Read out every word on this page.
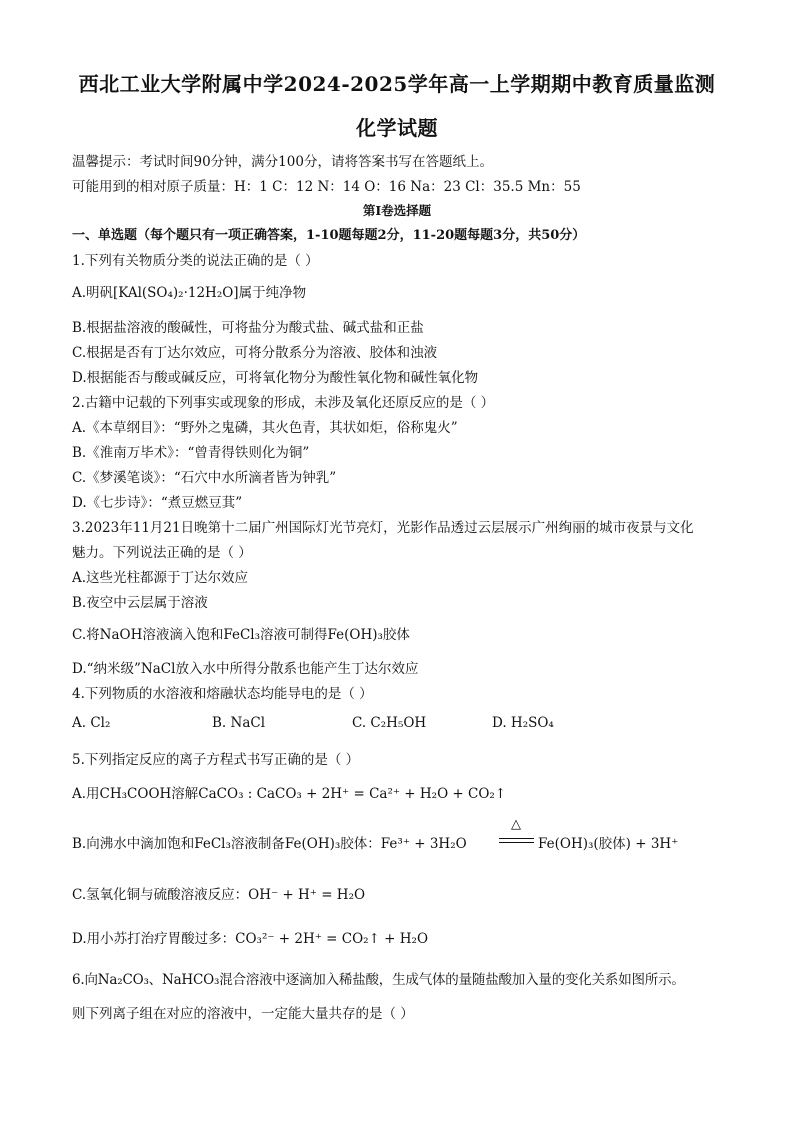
西北工业大学附属中学2024-2025学年高一上学期期中教育质量监测
化学试题
温馨提示：考试时间90分钟，满分100分，请将答案书写在答题纸上。
可能用到的相对原子质量：H：1 C：12 N：14 O：16 Na：23 Cl：35.5 Mn：55
第I卷选择题
一、单选题（每个题只有一项正确答案，1-10题每题2分，11-20题每题3分，共50分）
1.下列有关物质分类的说法正确的是（ ）
A.明矾[KAl(SO₄)₂·12H₂O]属于纯净物
B.根据盐溶液的酸碱性，可将盐分为酸式盐、碱式盐和正盐
C.根据是否有丁达尔效应，可将分散系分为溶液、胶体和浊液
D.根据能否与酸或碱反应，可将氧化物分为酸性氧化物和碱性氧化物
2.古籍中记载的下列事实或现象的形成，未涉及氧化还原反应的是（ ）
A.《本草纲目》：“野外之鬼磷，其火色青，其状如炬，俗称鬼火”
B.《淮南万毕术》：“曾青得铁则化为铜”
C.《梦溪笔谈》：“石穴中水所滴者皆为钟乳”
D.《七步诗》：“煮豆燃豆萁”
3.2023年11月21日晚第十二届广州国际灯光节亮灯，光影作品透过云层展示广州绚丽的城市夜景与文化
魅力。下列说法正确的是（ ）
A.这些光柱都源于丁达尔效应
B.夜空中云层属于溶液
C.将NaOH溶液滴入饱和FeCl₃溶液可制得Fe(OH)₃胶体
D.“纳米级”NaCl放入水中所得分散系也能产生丁达尔效应
4.下列物质的水溶液和熔融状态均能导电的是（ ）
A. Cl₂	B. NaCl	C. C₂H₅OH	D. H₂SO₄
5.下列指定反应的离子方程式书写正确的是（ ）
A.用CH₃COOH溶解CaCO₃ : CaCO₃ + 2H⁺ = Ca²⁺ + H₂O + CO₂↑
B.向沸水中滴加饱和FeCl₃溶液制备Fe(OH)₃胶体：Fe³⁺ + 3H₂O
△
Fe(OH)₃(胶体) + 3H⁺
C.氢氧化铜与硫酸溶液反应：OH⁻ + H⁺ = H₂O
D.用小苏打治疗胃酸过多：CO₃²⁻ + 2H⁺ = CO₂↑ + H₂O
6.向Na₂CO₃、NaHCO₃混合溶液中逐滴加入稀盐酸，生成气体的量随盐酸加入量的变化关系如图所示。
则下列离子组在对应的溶液中，一定能大量共存的是（ ）
